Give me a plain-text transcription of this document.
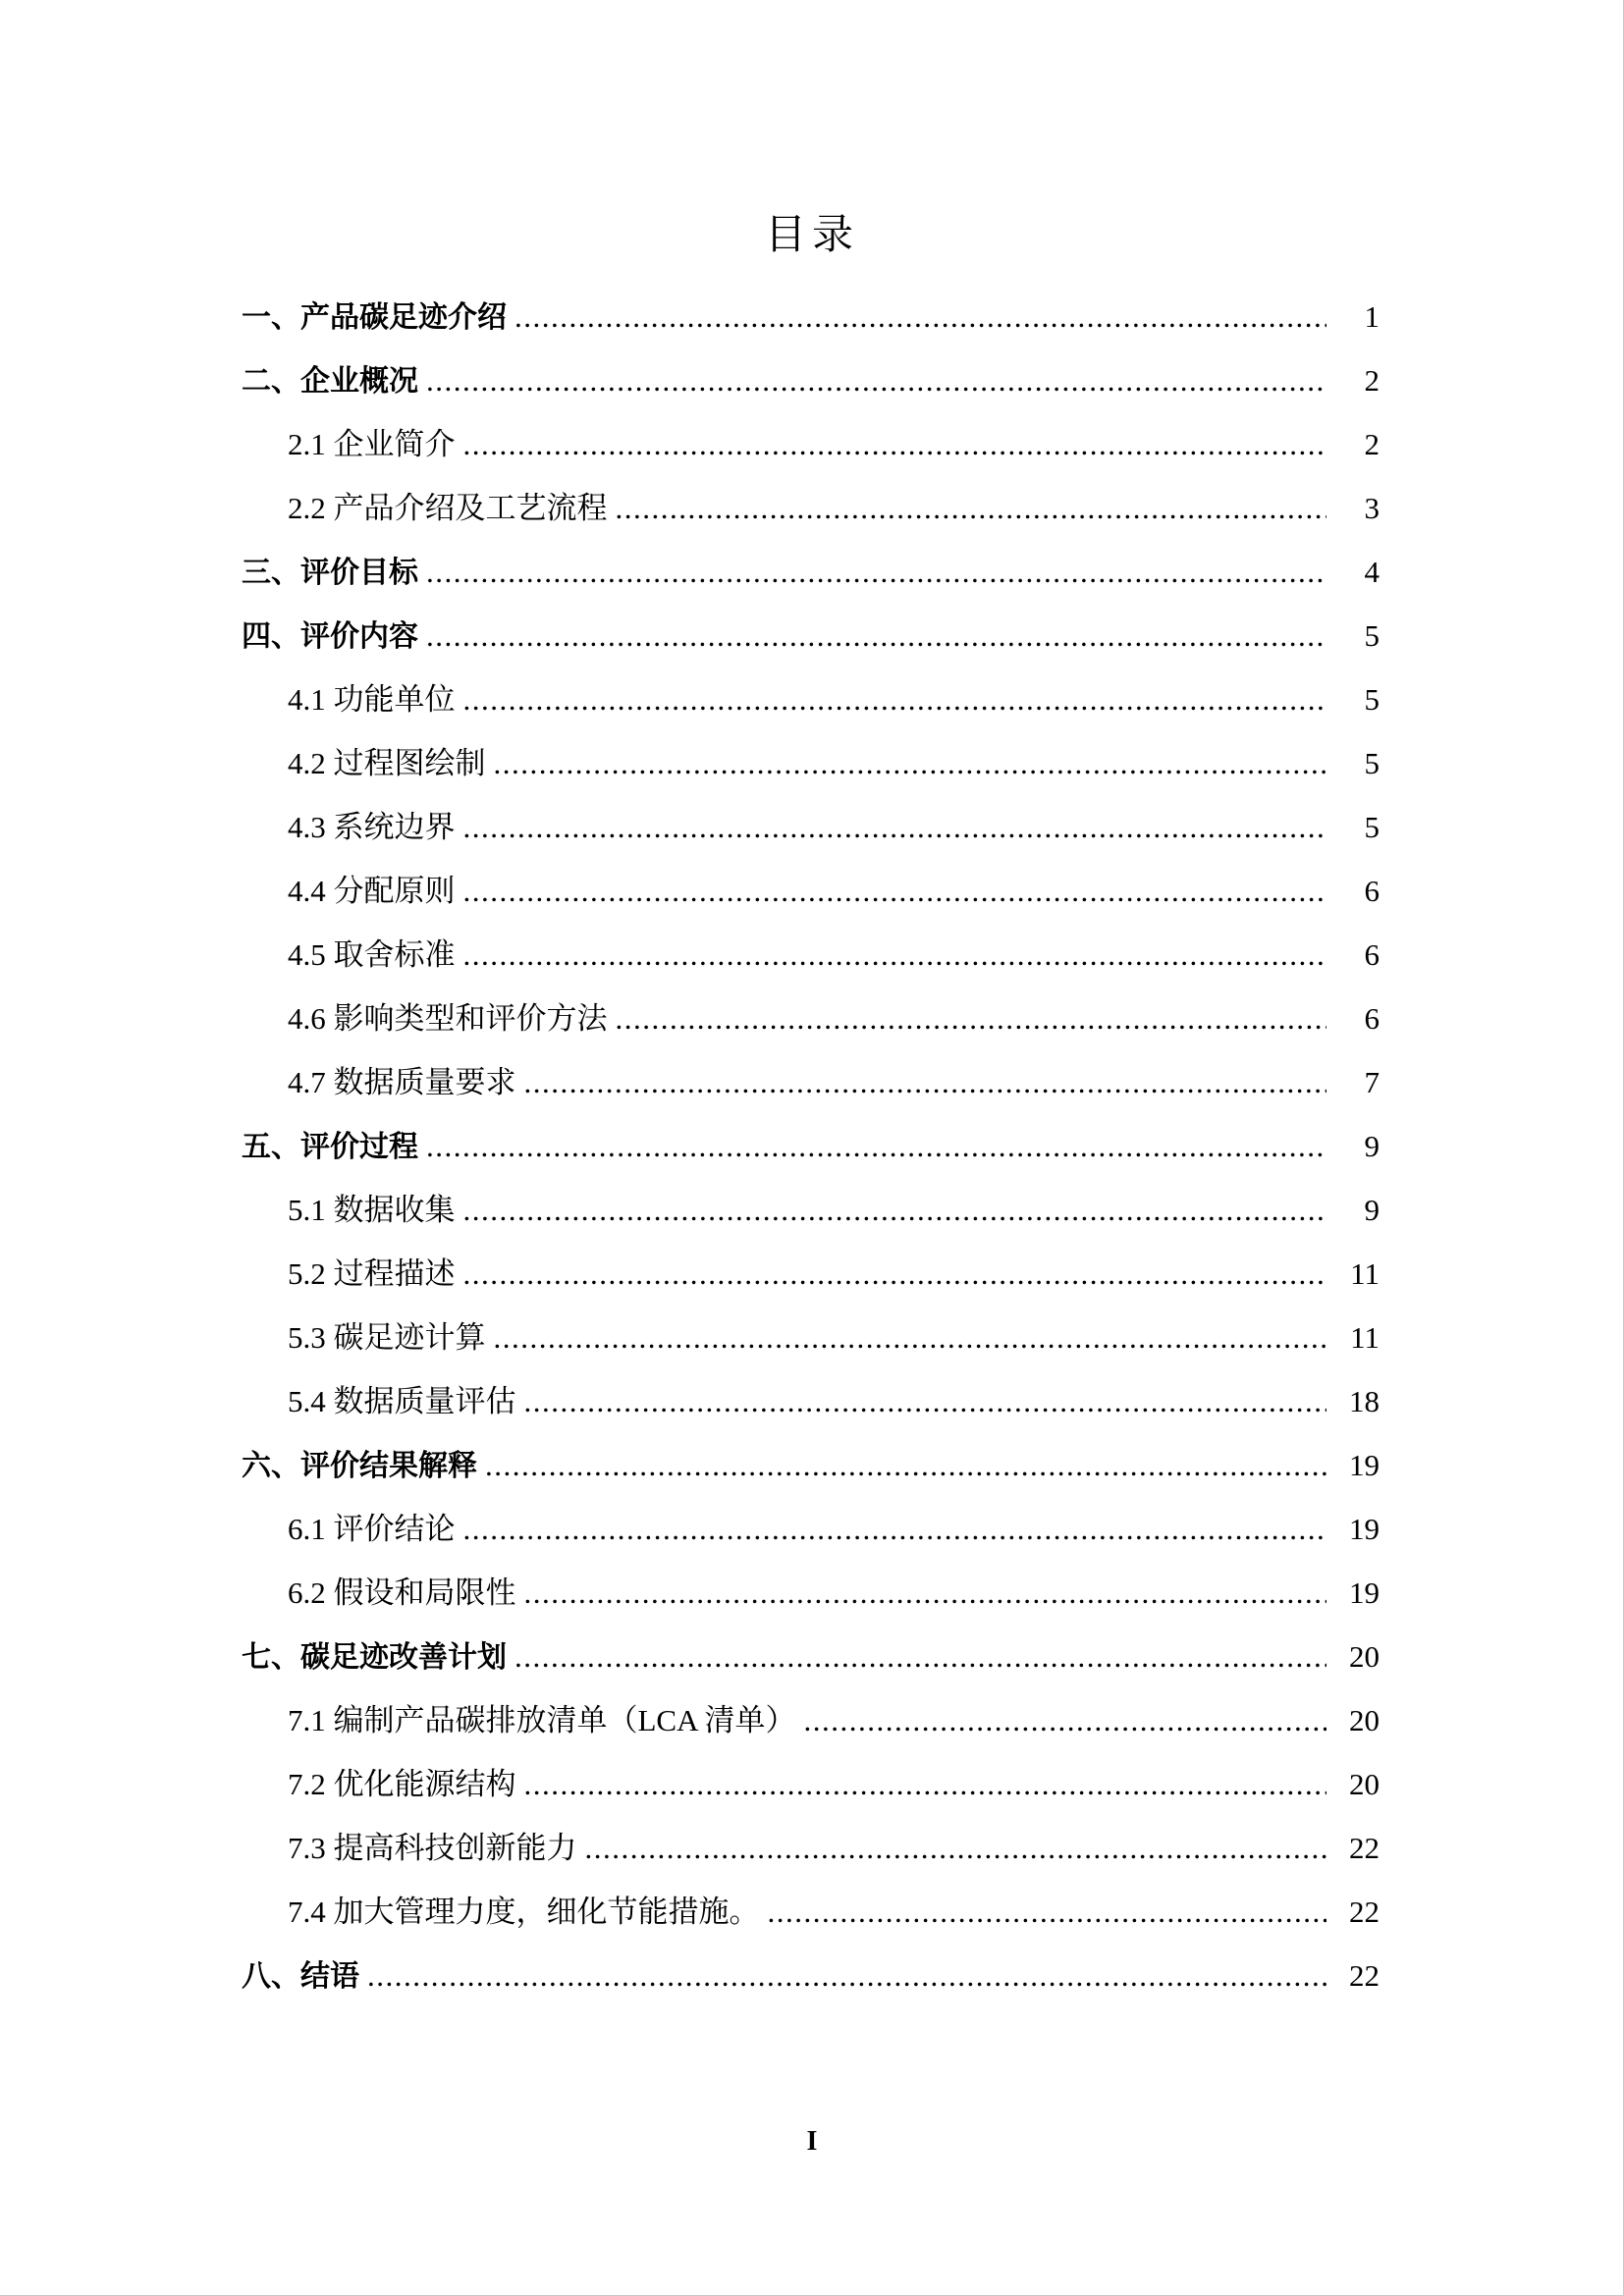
目录
一、产品碳足迹介绍 .....	1
二、企业概况 .....	2
2.1 企业简介 .....	2
2.2 产品介绍及工艺流程 .....	3
三、评价目标 .....	4
四、评价内容 .....	5
4.1 功能单位 .....	5
4.2 过程图绘制 .....	5
4.3 系统边界 .....	5
4.4 分配原则 .....	6
4.5 取舍标准 .....	6
4.6 影响类型和评价方法 .....	6
4.7 数据质量要求 .....	7
五、评价过程 .....	9
5.1 数据收集 .....	9
5.2 过程描述 .....	11
5.3 碳足迹计算 .....	11
5.4 数据质量评估 .....	18
六、评价结果解释 .....	19
6.1 评价结论 .....	19
6.2 假设和局限性 .....	19
七、碳足迹改善计划 .....	20
7.1 编制产品碳排放清单（LCA 清单） .....	20
7.2 优化能源结构 .....	20
7.3 提高科技创新能力 .....	22
7.4 加大管理力度，细化节能措施。 .....	22
八、结语 .....	22
I
